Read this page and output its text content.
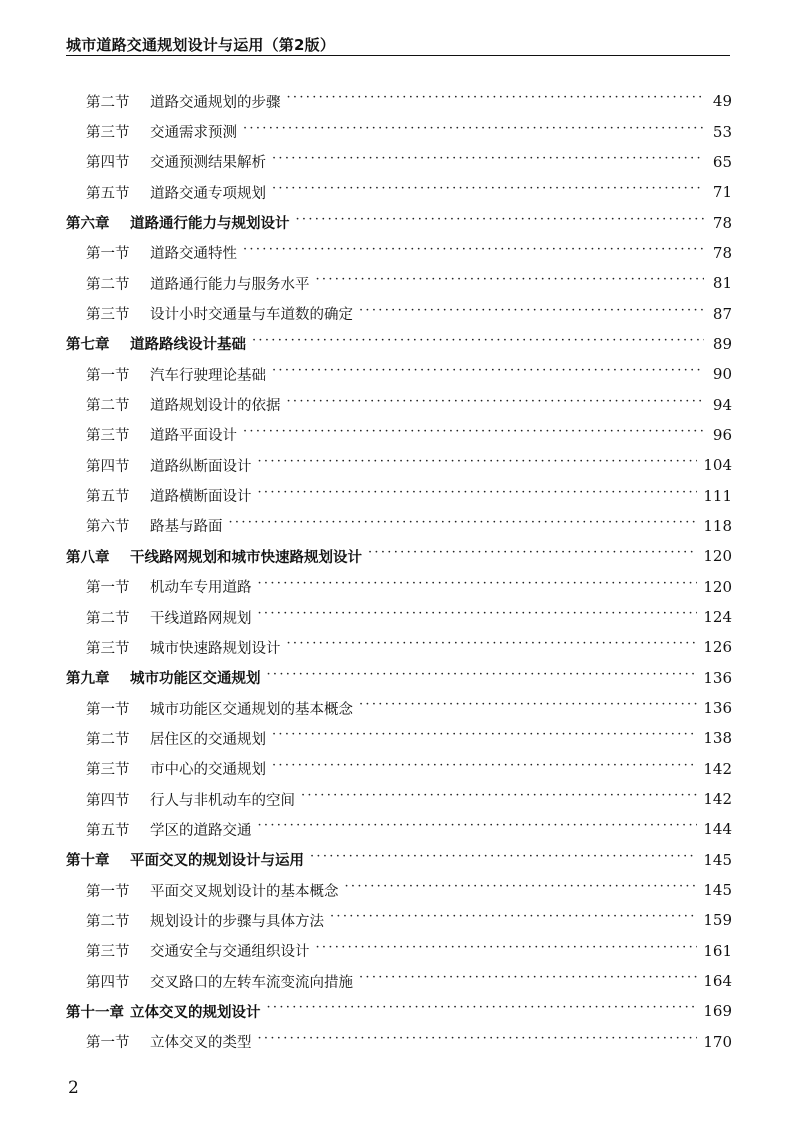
城市道路交通规划设计与运用（第2版）
第二节 道路交通规划的步骤 ·····	49
第三节 交通需求预测 ·····	53
第四节 交通预测结果解析 ·····	65
第五节 道路交通专项规划 ·····	71
第六章 道路通行能力与规划设计 ·····	78
第一节 道路交通特性 ·····	78
第二节 道路通行能力与服务水平 ·····	81
第三节 设计小时交通量与车道数的确定 ·····	87
第七章 道路路线设计基础 ·····	89
第一节 汽车行驶理论基础 ·····	90
第二节 道路规划设计的依据 ·····	94
第三节 道路平面设计 ·····	96
第四节 道路纵断面设计 ·····	104
第五节 道路横断面设计 ·····	111
第六节 路基与路面 ·····	118
第八章 干线路网规划和城市快速路规划设计 ·····	120
第一节 机动车专用道路 ·····	120
第二节 干线道路网规划 ·····	124
第三节 城市快速路规划设计 ·····	126
第九章 城市功能区交通规划 ·····	136
第一节 城市功能区交通规划的基本概念 ·····	136
第二节 居住区的交通规划 ·····	138
第三节 市中心的交通规划 ·····	142
第四节 行人与非机动车的空间 ·····	142
第五节 学区的道路交通 ·····	144
第十章 平面交叉的规划设计与运用 ·····	145
第一节 平面交叉规划设计的基本概念 ·····	145
第二节 规划设计的步骤与具体方法 ·····	159
第三节 交通安全与交通组织设计 ·····	161
第四节 交叉路口的左转车流变流向措施 ·····	164
第十一章 立体交叉的规划设计 ·····	169
第一节 立体交叉的类型 ·····	170
2
